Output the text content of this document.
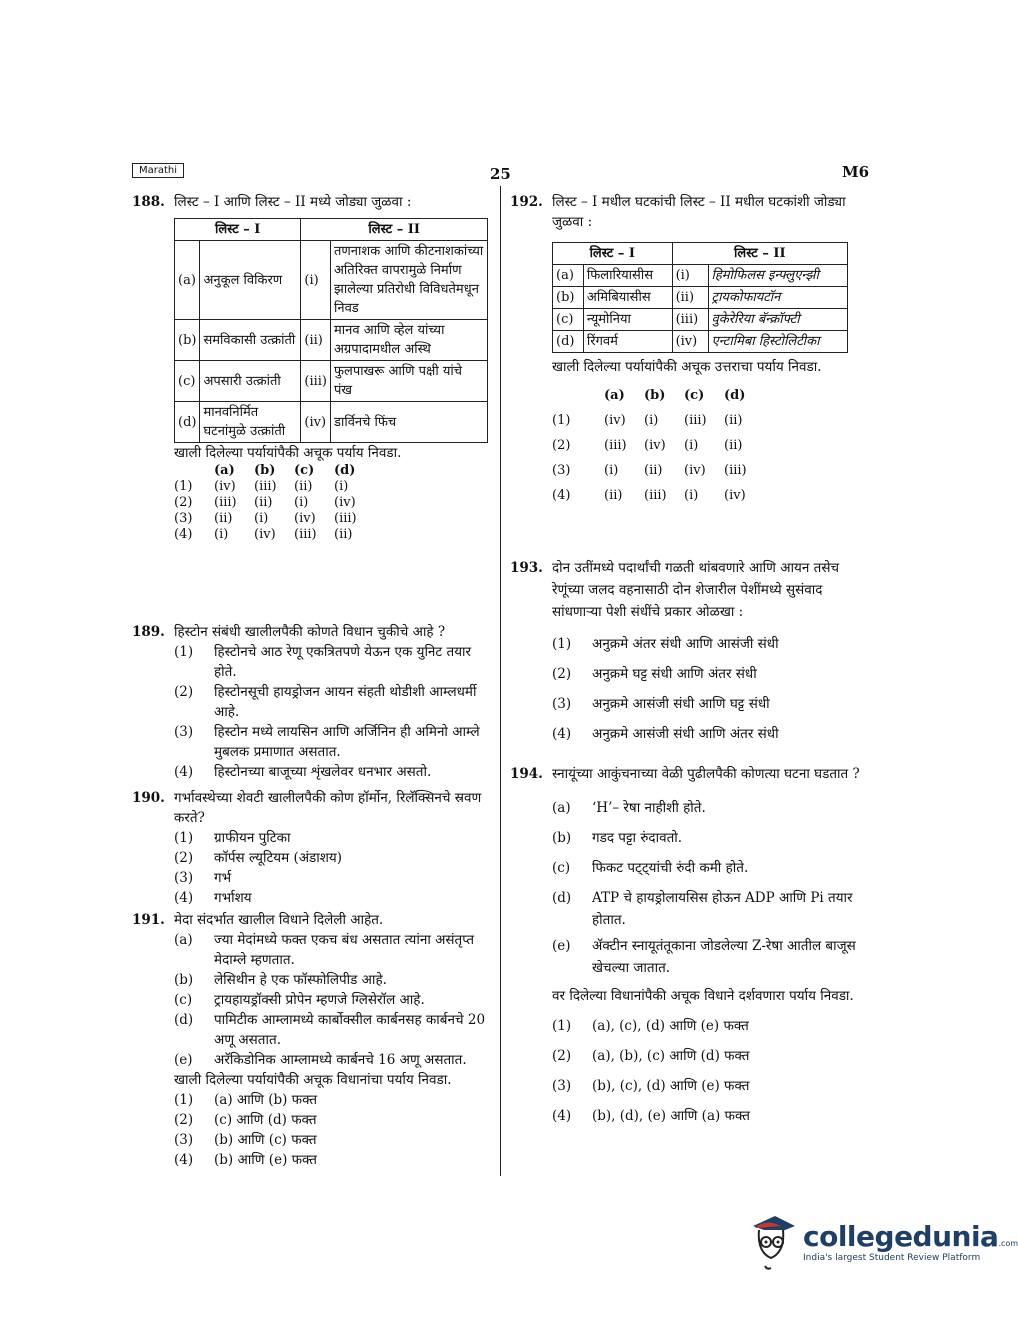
Marathi	25	M6
188. लिस्ट – I आणि लिस्ट – II मध्ये जोड्या जुळवा :
लिस्ट – I		लिस्ट – II	
(a)	अनुकूल विकिरण	(i)	तणनाशक आणि कीटनाशकांच्या अतिरिक्त वापरामुळे निर्माण झालेल्या प्रतिरोधी विविधतेमधून निवड
(b)	समविकासी उत्क्रांती	(ii)	मानव आणि व्हेल यांच्या अग्रपादामधील अस्थि
(c)	अपसारी उत्क्रांती	(iii)	फुलपाखरू आणि पक्षी यांचे पंख
(d)	मानवनिर्मित घटनांमुळे उत्क्रांती	(iv)	डार्विनचे फिंच
खाली दिलेल्या पर्यायांपैकी अचूक पर्याय निवडा.
(a)	(b)	(c)	(d)
(1)	(iv)	(iii)	(ii)	(i)
(2)	(iii)	(ii)	(i)	(iv)
(3)	(ii)	(i)	(iv)	(iii)
(4)	(i)	(iv)	(iii)	(ii)
189. हिस्टोन संबंधी खालीलपैकी कोणते विधान चुकीचे आहे ?
(1)	हिस्टोनचे आठ रेणू एकत्रितपणे येऊन एक युनिट तयार होते.
(2)	हिस्टोनसूची हायड्रोजन आयन संहती थोडीशी आम्लधर्मी आहे.
(3)	हिस्टोन मध्ये लायसिन आणि अर्जिनिन ही अमिनो आम्ले मुबलक प्रमाणात असतात.
(4)	हिस्टोनच्या बाजूच्या शृंखलेवर धनभार असतो.
190. गर्भावस्थेच्या शेवटी खालीलपैकी कोण हॉर्मोन, रिलॅक्सिनचे स्रवण करते?
(1)	ग्राफीयन पुटिका
(2)	कॉर्पस ल्यूटियम (अंडाशय)
(3)	गर्भ
(4)	गर्भाशय
191. मेदा संदर्भात खालील विधाने दिलेली आहेत.
(a)	ज्या मेदांमध्ये फक्त एकच बंध असतात त्यांना असंतृप्त मेदाम्ले म्हणतात.
(b)	लेसिथीन हे एक फॉस्फोलिपीड आहे.
(c)	ट्रायहायड्रॉक्सी प्रोपेन म्हणजे ग्लिसेरॉल आहे.
(d)	पामिटीक आम्लामध्ये कार्बोक्सील कार्बनसह कार्बनचे 20 अणू असतात.
(e)	अरॅकिडोनिक आम्लामध्ये कार्बनचे 16 अणू असतात.
खाली दिलेल्या पर्यायांपैकी अचूक विधानांचा पर्याय निवडा.
(1)	(a) आणि (b) फक्त
(2)	(c) आणि (d) फक्त
(3)	(b) आणि (c) फक्त
(4)	(b) आणि (e) फक्त
192. लिस्ट – I मधील घटकांची लिस्ट – II मधील घटकांशी जोड्या जुळवा :
लिस्ट – I		लिस्ट – II	
(a)	फिलारियासीस	(i)	हिमोफिलस इन्फ्लुएन्झी
(b)	अमिबियासीस	(ii)	ट्रायकोफायटॉन
(c)	न्यूमोनिया	(iii)	वुकेरेरिया बॅन्क्रॉफ्टी
(d)	रिंगवर्म	(iv)	एन्टामिबा हिस्टोलिटीका
खाली दिलेल्या पर्यायांपैकी अचूक उत्तराचा पर्याय निवडा.
(a)	(b)	(c)	(d)
(1)	(iv)	(i)	(iii)	(ii)
(2)	(iii)	(iv)	(i)	(ii)
(3)	(i)	(ii)	(iv)	(iii)
(4)	(ii)	(iii)	(i)	(iv)
193. दोन उतींमध्ये पदार्थांची गळती थांबवणारे आणि आयन तसेच रेणूंच्या जलद वहनासाठी दोन शेजारील पेशींमध्ये सुसंवाद सांधणाऱ्या पेशी संधींचे प्रकार ओळखा :
(1)	अनुक्रमे अंतर संधी आणि आसंजी संधी
(2)	अनुक्रमे घट्ट संधी आणि अंतर संधी
(3)	अनुक्रमे आसंजी संधी आणि घट्ट संधी
(4)	अनुक्रमे आसंजी संधी आणि अंतर संधी
194. स्नायूंच्या आकुंचनाच्या वेळी पुढीलपैकी कोणत्या घटना घडतात ?
(a)	‘H’– रेषा नाहीशी होते.
(b)	गडद पट्टा रुंदावतो.
(c)	फिकट पट्ट्यांची रुंदी कमी होते.
(d)	ATP चे हायड्रोलायसिस होऊन ADP आणि Pi तयार होतात.
(e)	ॲक्टीन स्नायूतंतूकाना जोडलेल्या Z-रेषा आतील बाजूस खेचल्या जातात.
वर दिलेल्या विधानांपैकी अचूक विधाने दर्शवणारा पर्याय निवडा.
(1)	(a), (c), (d) आणि (e) फक्त
(2)	(a), (b), (c) आणि (d) फक्त
(3)	(b), (c), (d) आणि (e) फक्त
(4)	(b), (d), (e) आणि (a) फक्त
collegedunia.com
India's largest Student Review Platform
